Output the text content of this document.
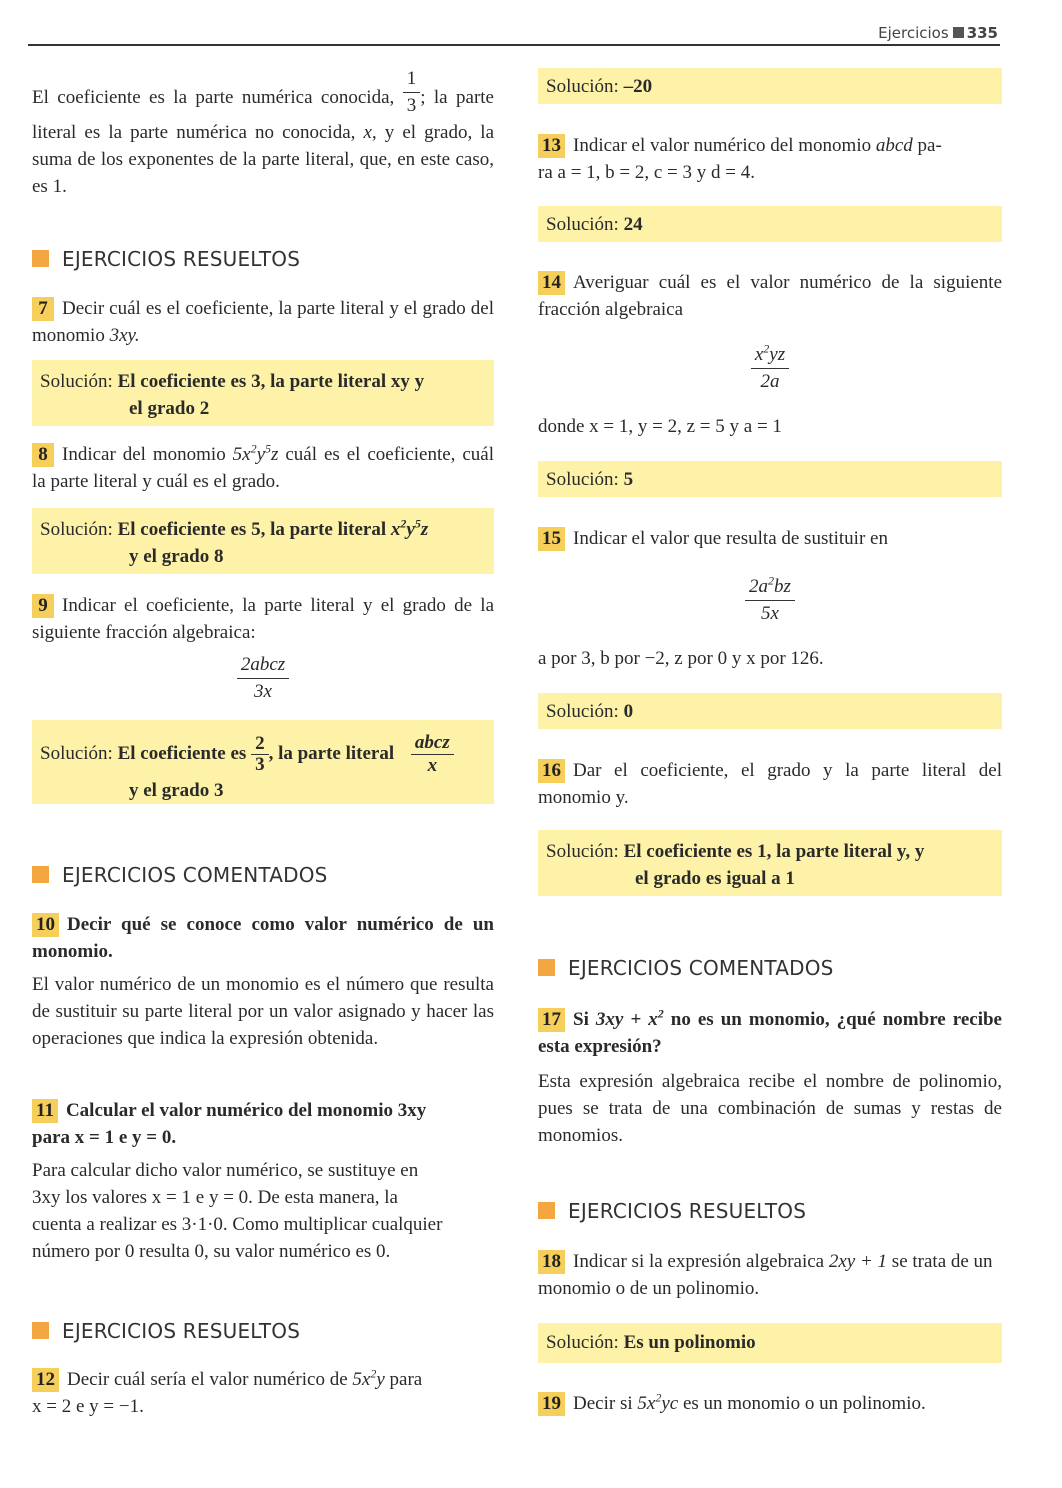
Ejercicios 335
El coeficiente es la parte numérica conocida, $\frac{1}{3}$ ; la parte literal es la parte numérica no conocida, x, y el grado, la suma de los exponentes de la parte literal, que, en este caso, es 1.
EJERCICIOS RESUELTOS
7 Decir cuál es el coeficiente, la parte literal y el grado del monomio 3xy.
Solución: El coeficiente es 3, la parte literal xy y
el grado 2
8 Indicar del monomio $5x^2y^5z$ cuál es el coeficiente, cuál la parte literal y cuál es el grado.
Solución: El coeficiente es 5, la parte literal $x^2y^5z$
y el grado 8
9 Indicar el coeficiente, la parte literal y el grado de la siguiente fracción algebraica:
$\frac{\text{2abcz}}{3x}$
Solución: El coeficiente es $\frac{2}{3}$ , la parte literal $\frac{\text{abcz}}{x}$
y el grado 3
EJERCICIOS COMENTADOS
10 Decir qué se conoce como valor numérico de un monomio.
El valor numérico de un monomio es el número que resulta de sustituir su parte literal por un valor asignado y hacer las operaciones que indica la expresión obtenida.
11 Calcular el valor numérico del monomio 3xy
para x = 1 e y = 0.
Para calcular dicho valor numérico, se sustituye en
3xy los valores x = 1 e y = 0. De esta manera, la
cuenta a realizar es 3·1·0. Como multiplicar cualquier
número por 0 resulta 0, su valor numérico es 0.
EJERCICIOS RESUELTOS
12 Decir cuál sería el valor numérico de $5x^2y$ para
x = 2 e y = −1.
Solución: –20
13 Indicar el valor numérico del monomio abcd pa-
ra a = 1, b = 2, c = 3 y d = 4.
Solución: 24
14 Averiguar cuál es el valor numérico de la siguiente fracción algebraica
$\frac{x^2yz}{2a}$
donde x = 1, y = 2, z = 5 y a = 1
Solución: 5
15 Indicar el valor que resulta de sustituir en
$\frac{2a^2bz}{5x}$
a por 3, b por −2, z por 0 y x por 126.
Solución: 0
16 Dar el coeficiente, el grado y la parte literal del monomio y.
Solución: El coeficiente es 1, la parte literal y, y
el grado es igual a 1
EJERCICIOS COMENTADOS
17 Si $3xy + x^2$ no es un monomio, ¿qué nombre recibe esta expresión?
Esta expresión algebraica recibe el nombre de polinomio, pues se trata de una combinación de sumas y restas de monomios.
EJERCICIOS RESUELTOS
18 Indicar si la expresión algebraica 2xy + 1 se trata de un monomio o de un polinomio.
Solución: Es un polinomio
19 Decir si $5x^2yc$ es un monomio o un polinomio.
